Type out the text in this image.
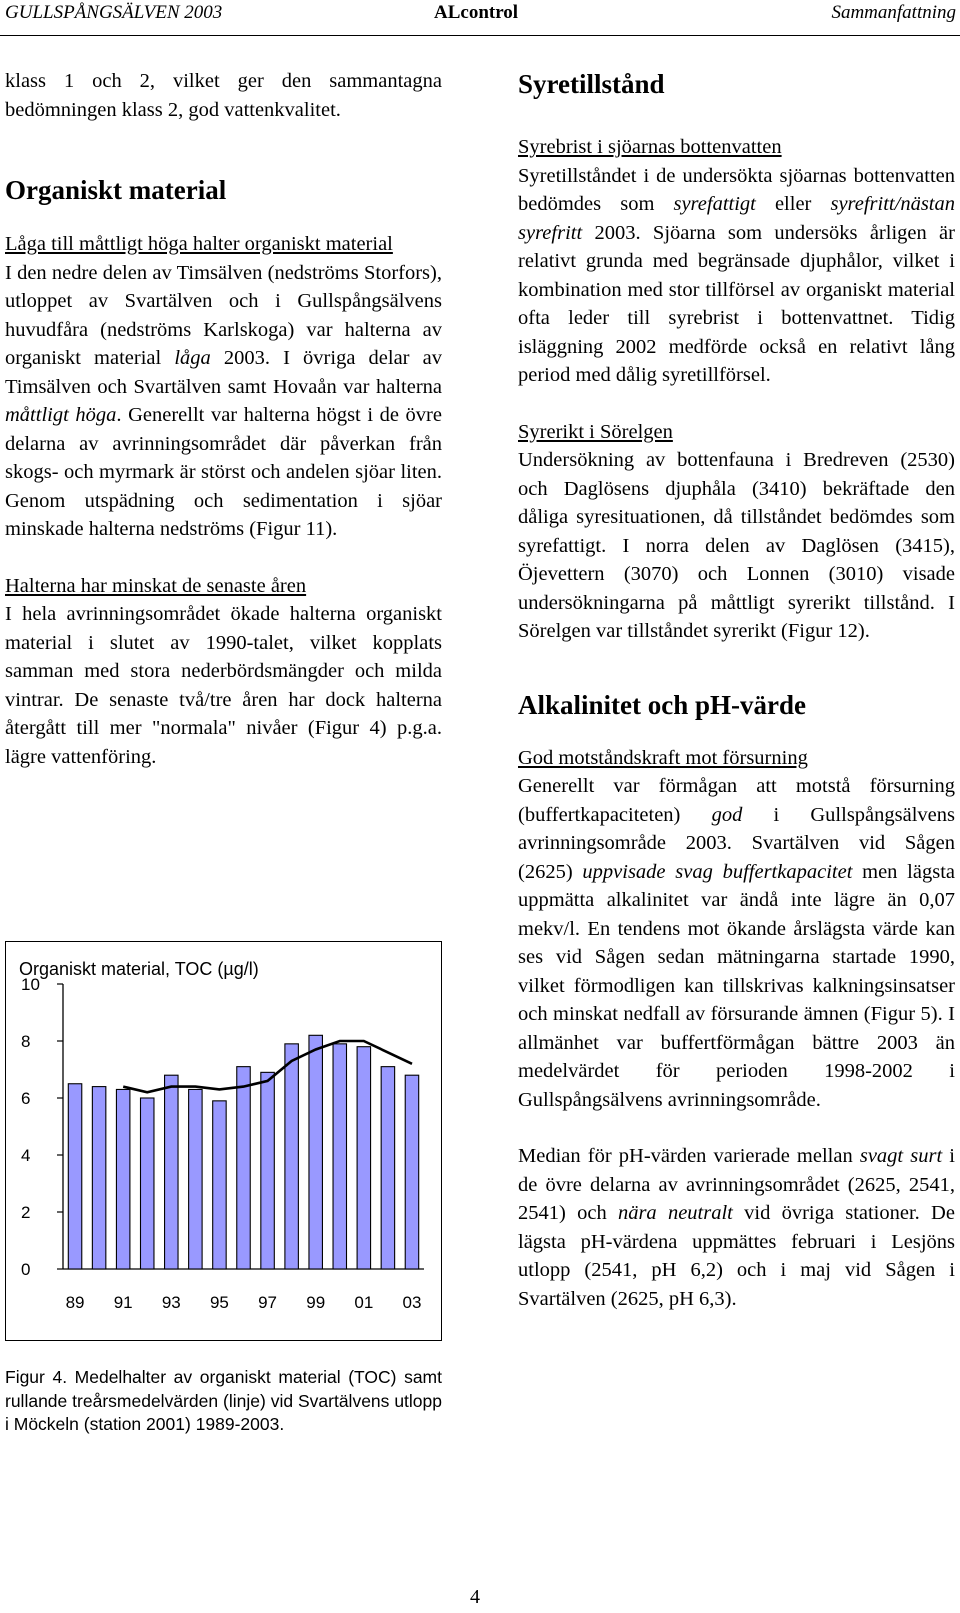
GULLSPÅNGSÄLVEN 2003	ALcontrol	Sammanfattning

klass 1 och 2, vilket ger den sammantagna bedömningen klass 2, god vattenkvalitet.

Organiskt material

Låga till måttligt höga halter organiskt material

I den nedre delen av Timsälven (nedströms Storfors), utloppet av Svartälven och i Gullspångsälvens huvudfåra (nedströms Karlskoga) var halterna av organiskt material låga 2003. I övriga delar av Timsälven och Svartälven samt Hovaån var halterna måttligt höga. Generellt var halterna högst i de övre delarna av avrinningsområdet där påverkan från skogs- och myrmark är störst och andelen sjöar liten. Genom utspädning och sedimentation i sjöar minskade halterna nedströms (Figur 11).

Halterna har minskat de senaste åren

I hela avrinningsområdet ökade halterna organiskt material i slutet av 1990-talet, vilket kopplats samman med stora nederbördsmängder och milda vintrar. De senaste två/tre åren har dock halterna återgått till mer "normala" nivåer (Figur 4) p.g.a. lägre vattenföring.

Organiskt material, TOC (µg/l)
0
2
4
6
8
10
89 91 93 95 97 99 01 03

Figur 4. Medelhalter av organiskt material (TOC) samt rullande treårsmedelvärden (linje) vid Svartälvens utlopp i Möckeln (station 2001) 1989-2003.

Syretillstånd

Syrebrist i sjöarnas bottenvatten

Syretillståndet i de undersökta sjöarnas bottenvatten bedömdes som syrefattigt eller syrefritt/nästan syrefritt 2003. Sjöarna som undersöks årligen är relativt grunda med begränsade djuphålor, vilket i kombination med stor tillförsel av organiskt material ofta leder till syrebrist i bottenvattnet. Tidig isläggning 2002 medförde också en relativt lång period med dålig syretillförsel.

Syrerikt i Sörelgen

Undersökning av bottenfauna i Bredreven (2530) och Daglösens djuphåla (3410) bekräftade den dåliga syresituationen, då tillståndet bedömdes som syrefattigt. I norra delen av Daglösen (3415), Öjevettern (3070) och Lonnen (3010) visade undersökningarna på måttligt syrerikt tillstånd. I Sörelgen var tillståndet syrerikt (Figur 12).

Alkalinitet och pH-värde

God motståndskraft mot försurning

Generellt var förmågan att motstå försurning (buffertkapaciteten) god i Gullspångsälvens avrinningsområde 2003. Svartälven vid Sågen (2625) uppvisade svag buffertkapacitet men lägsta uppmätta alkalinitet var ändå inte lägre än 0,07 mekv/l. En tendens mot ökande årslägsta värde kan ses vid Sågen sedan mätningarna startade 1990, vilket förmodligen kan tillskrivas kalkningsinsatser och minskat nedfall av försurande ämnen (Figur 5). I allmänhet var buffertförmågan bättre 2003 än medelvärdet för perioden 1998-2002 i Gullspångsälvens avrinningsområde.

Median för pH-värden varierade mellan svagt surt i de övre delarna av avrinningsområdet (2625, 2541, 2541) och nära neutralt vid övriga stationer. De lägsta pH-värdena uppmättes februari i Lesjöns utlopp (2541, pH 6,2) och i maj vid Sågen i Svartälven (2625, pH 6,3).

4
